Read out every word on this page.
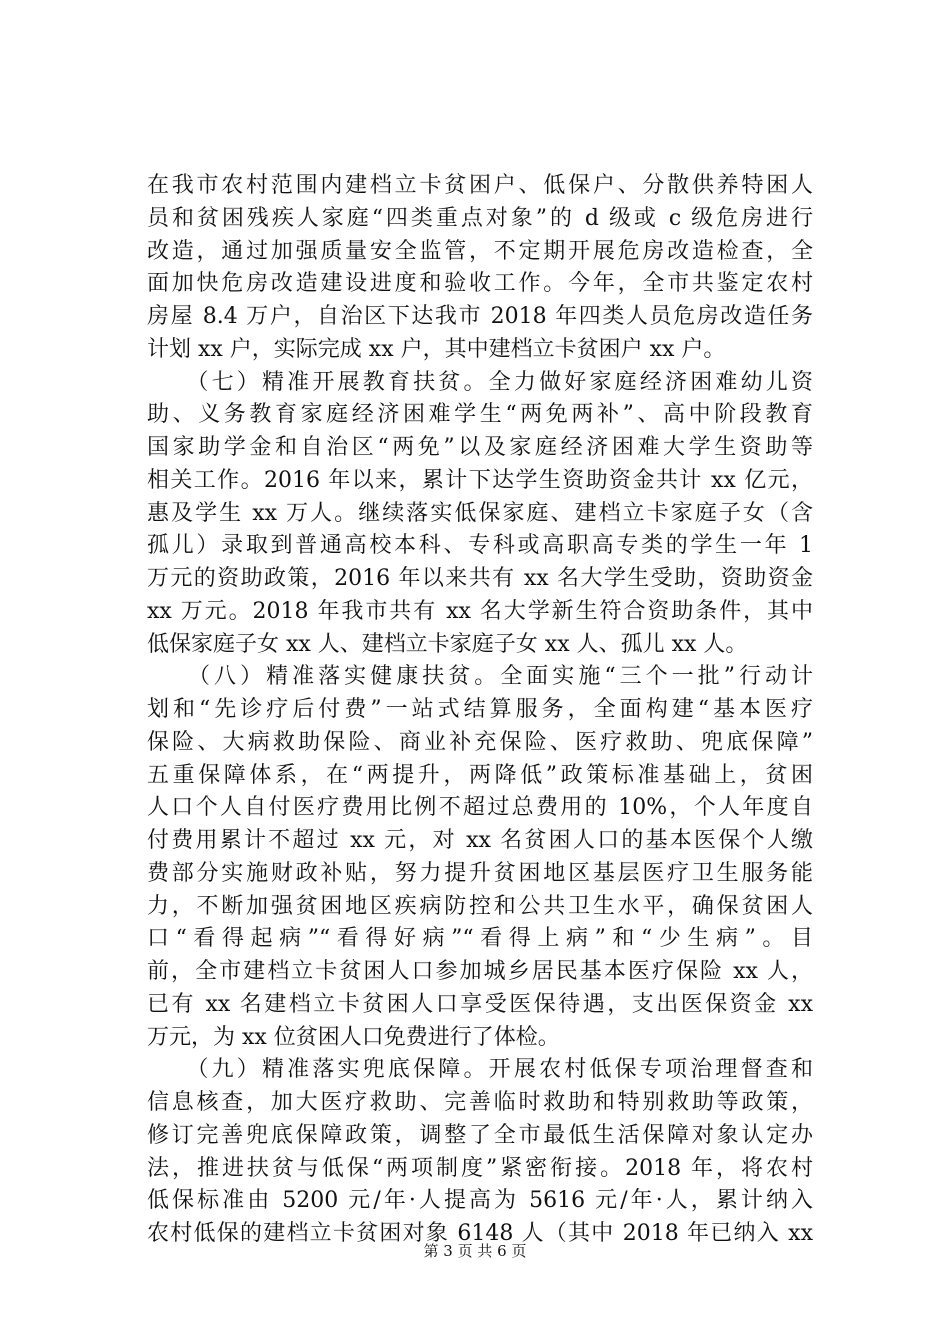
在我市农村范围内建档立卡贫困户、低保户、分散供养特困人
员和贫困残疾人家庭“四类重点对象”的 d 级或 c 级危房进行
改造，通过加强质量安全监管，不定期开展危房改造检查，全
面加快危房改造建设进度和验收工作。今年，全市共鉴定农村
房屋 8.4 万户，自治区下达我市 2018 年四类人员危房改造任务
计划 xx 户，实际完成 xx 户，其中建档立卡贫困户 xx 户。
　　（七）精准开展教育扶贫。全力做好家庭经济困难幼儿资
助、义务教育家庭经济困难学生“两免两补”、高中阶段教育
国家助学金和自治区“两免”以及家庭经济困难大学生资助等
相关工作。2016 年以来，累计下达学生资助资金共计 xx 亿元，
惠及学生 xx 万人。继续落实低保家庭、建档立卡家庭子女（含
孤儿）录取到普通高校本科、专科或高职高专类的学生一年 1
万元的资助政策，2016 年以来共有 xx 名大学生受助，资助资金
xx 万元。2018 年我市共有 xx 名大学新生符合资助条件，其中
低保家庭子女 xx 人、建档立卡家庭子女 xx 人、孤儿 xx 人。
　　（八）精准落实健康扶贫。全面实施“三个一批”行动计
划和“先诊疗后付费”一站式结算服务，全面构建“基本医疗
保险、大病救助保险、商业补充保险、医疗救助、兜底保障”
五重保障体系，在“两提升，两降低”政策标准基础上，贫困
人口个人自付医疗费用比例不超过总费用的 10%，个人年度自
付费用累计不超过 xx 元，对 xx 名贫困人口的基本医保个人缴
费部分实施财政补贴，努力提升贫困地区基层医疗卫生服务能
力，不断加强贫困地区疾病防控和公共卫生水平，确保贫困人
口“看得起病”“看得好病”“看得上病”和“少生病”。目
前，全市建档立卡贫困人口参加城乡居民基本医疗保险 xx 人，
已有 xx 名建档立卡贫困人口享受医保待遇，支出医保资金 xx
万元，为 xx 位贫困人口免费进行了体检。
　　（九）精准落实兜底保障。开展农村低保专项治理督查和
信息核查，加大医疗救助、完善临时救助和特别救助等政策，
修订完善兜底保障政策，调整了全市最低生活保障对象认定办
法，推进扶贫与低保“两项制度”紧密衔接。2018 年，将农村
低保标准由 5200 元/年·人提高为 5616 元/年·人，累计纳入
农村低保的建档立卡贫困对象 6148 人（其中 2018 年已纳入 xx
第 3 页 共 6 页
